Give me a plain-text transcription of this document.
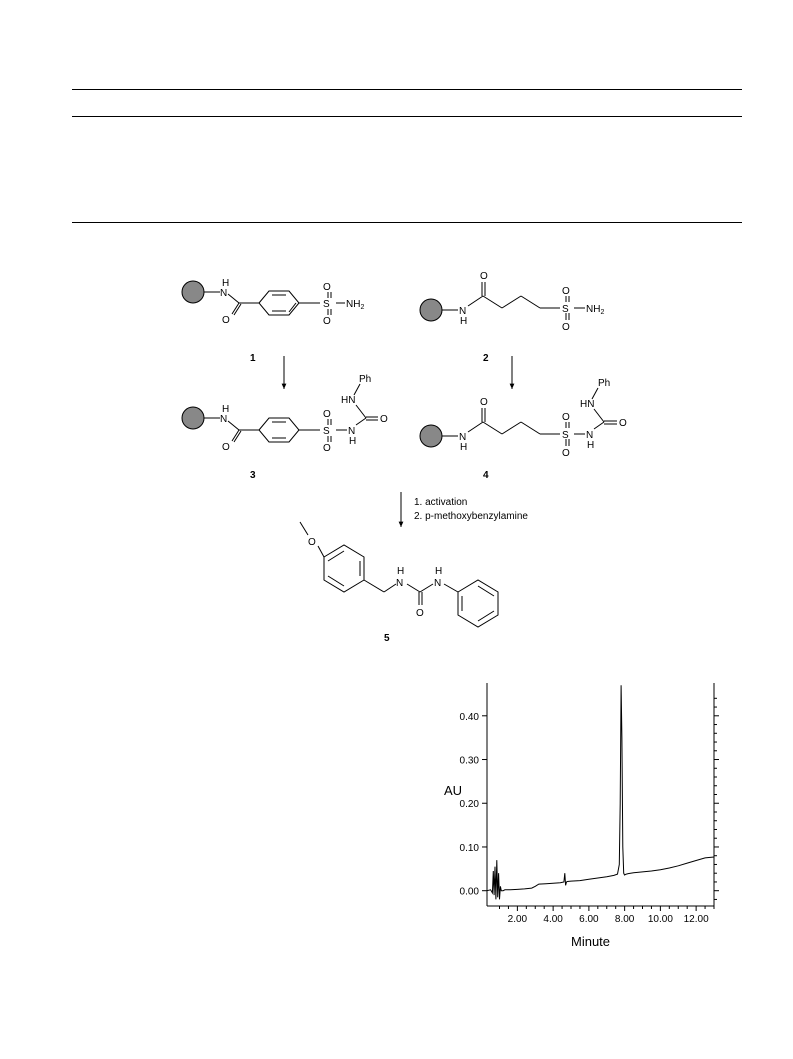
H
N
O
S
O
O
$NH_2$
1
N
H
O
S
O
O
$NH_2$
2
H
N
O
S
O
O
N
H
O
HN
Ph
3
N
H
O
S
O
O
N
H
O
HN
Ph
4
1. activation
2. p-methoxybenzylamine
O
H
N
H
N
O
5
0.00
0.10
0.20
0.30
0.40
2.00 4.00 6.00 8.00 10.00 12.00
AU
Minute
